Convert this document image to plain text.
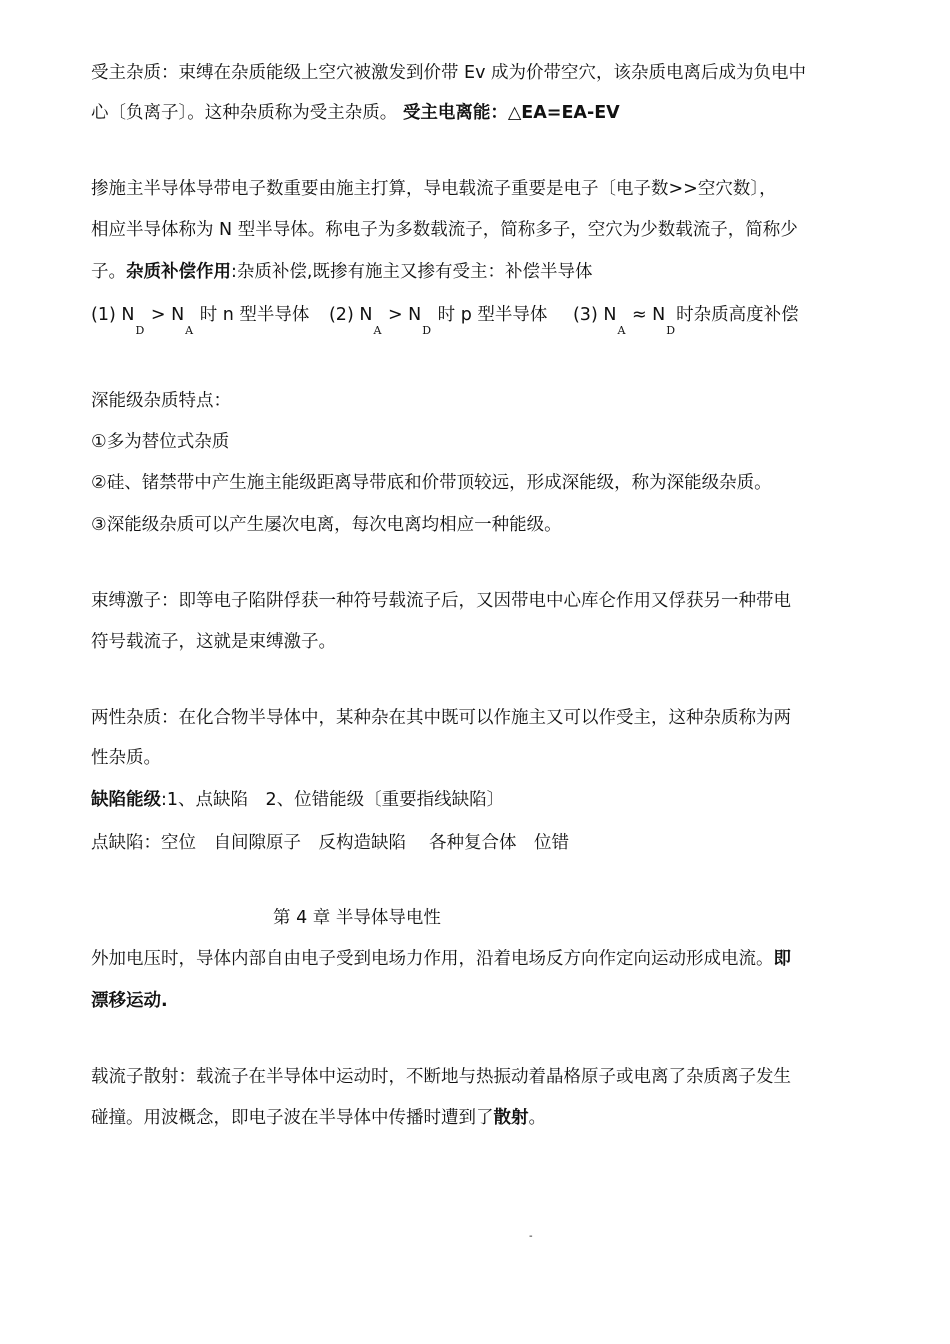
受主杂质：束缚在杂质能级上空穴被激发到价带 Ev 成为价带空穴，该杂质电离后成为负电中
心〔负离子〕。这种杂质称为受主杂质。 受主电离能：△EA=EA-EV
掺施主半导体导带电子数重要由施主打算，导电载流子重要是电子〔电子数>>空穴数〕，
相应半导体称为 N 型半导体。称电子为多数载流子，简称多子，空穴为少数载流子，简称少
子。杂质补偿作用:杂质补偿,既掺有施主又掺有受主：补偿半导体
(1) $N_D > N_A$ 时 n 型半导体 (2) $N_A > N_D$ 时 p 型半导体 (3) $N_A \approx N_D$时杂质高度补偿
深能级杂质特点：
①多为替位式杂质
②硅、锗禁带中产生施主能级距离导带底和价带顶较远，形成深能级，称为深能级杂质。
③深能级杂质可以产生屡次电离，每次电离均相应一种能级。
束缚激子：即等电子陷阱俘获一种符号载流子后，又因带电中心库仑作用又俘获另一种带电
符号载流子，这就是束缚激子。
两性杂质：在化合物半导体中，某种杂在其中既可以作施主又可以作受主，这种杂质称为两
性杂质。
缺陷能级:1、点缺陷　2、位错能级〔重要指线缺陷〕
点缺陷：空位　自间隙原子　反构造缺陷　 各种复合体　位错
第 4 章 半导体导电性
外加电压时，导体内部自由电子受到电场力作用，沿着电场反方向作定向运动形成电流。即
漂移运动.
载流子散射：载流子在半导体中运动时，不断地与热振动着晶格原子或电离了杂质离子发生
碰撞。用波概念，即电子波在半导体中传播时遭到了散射。
-
